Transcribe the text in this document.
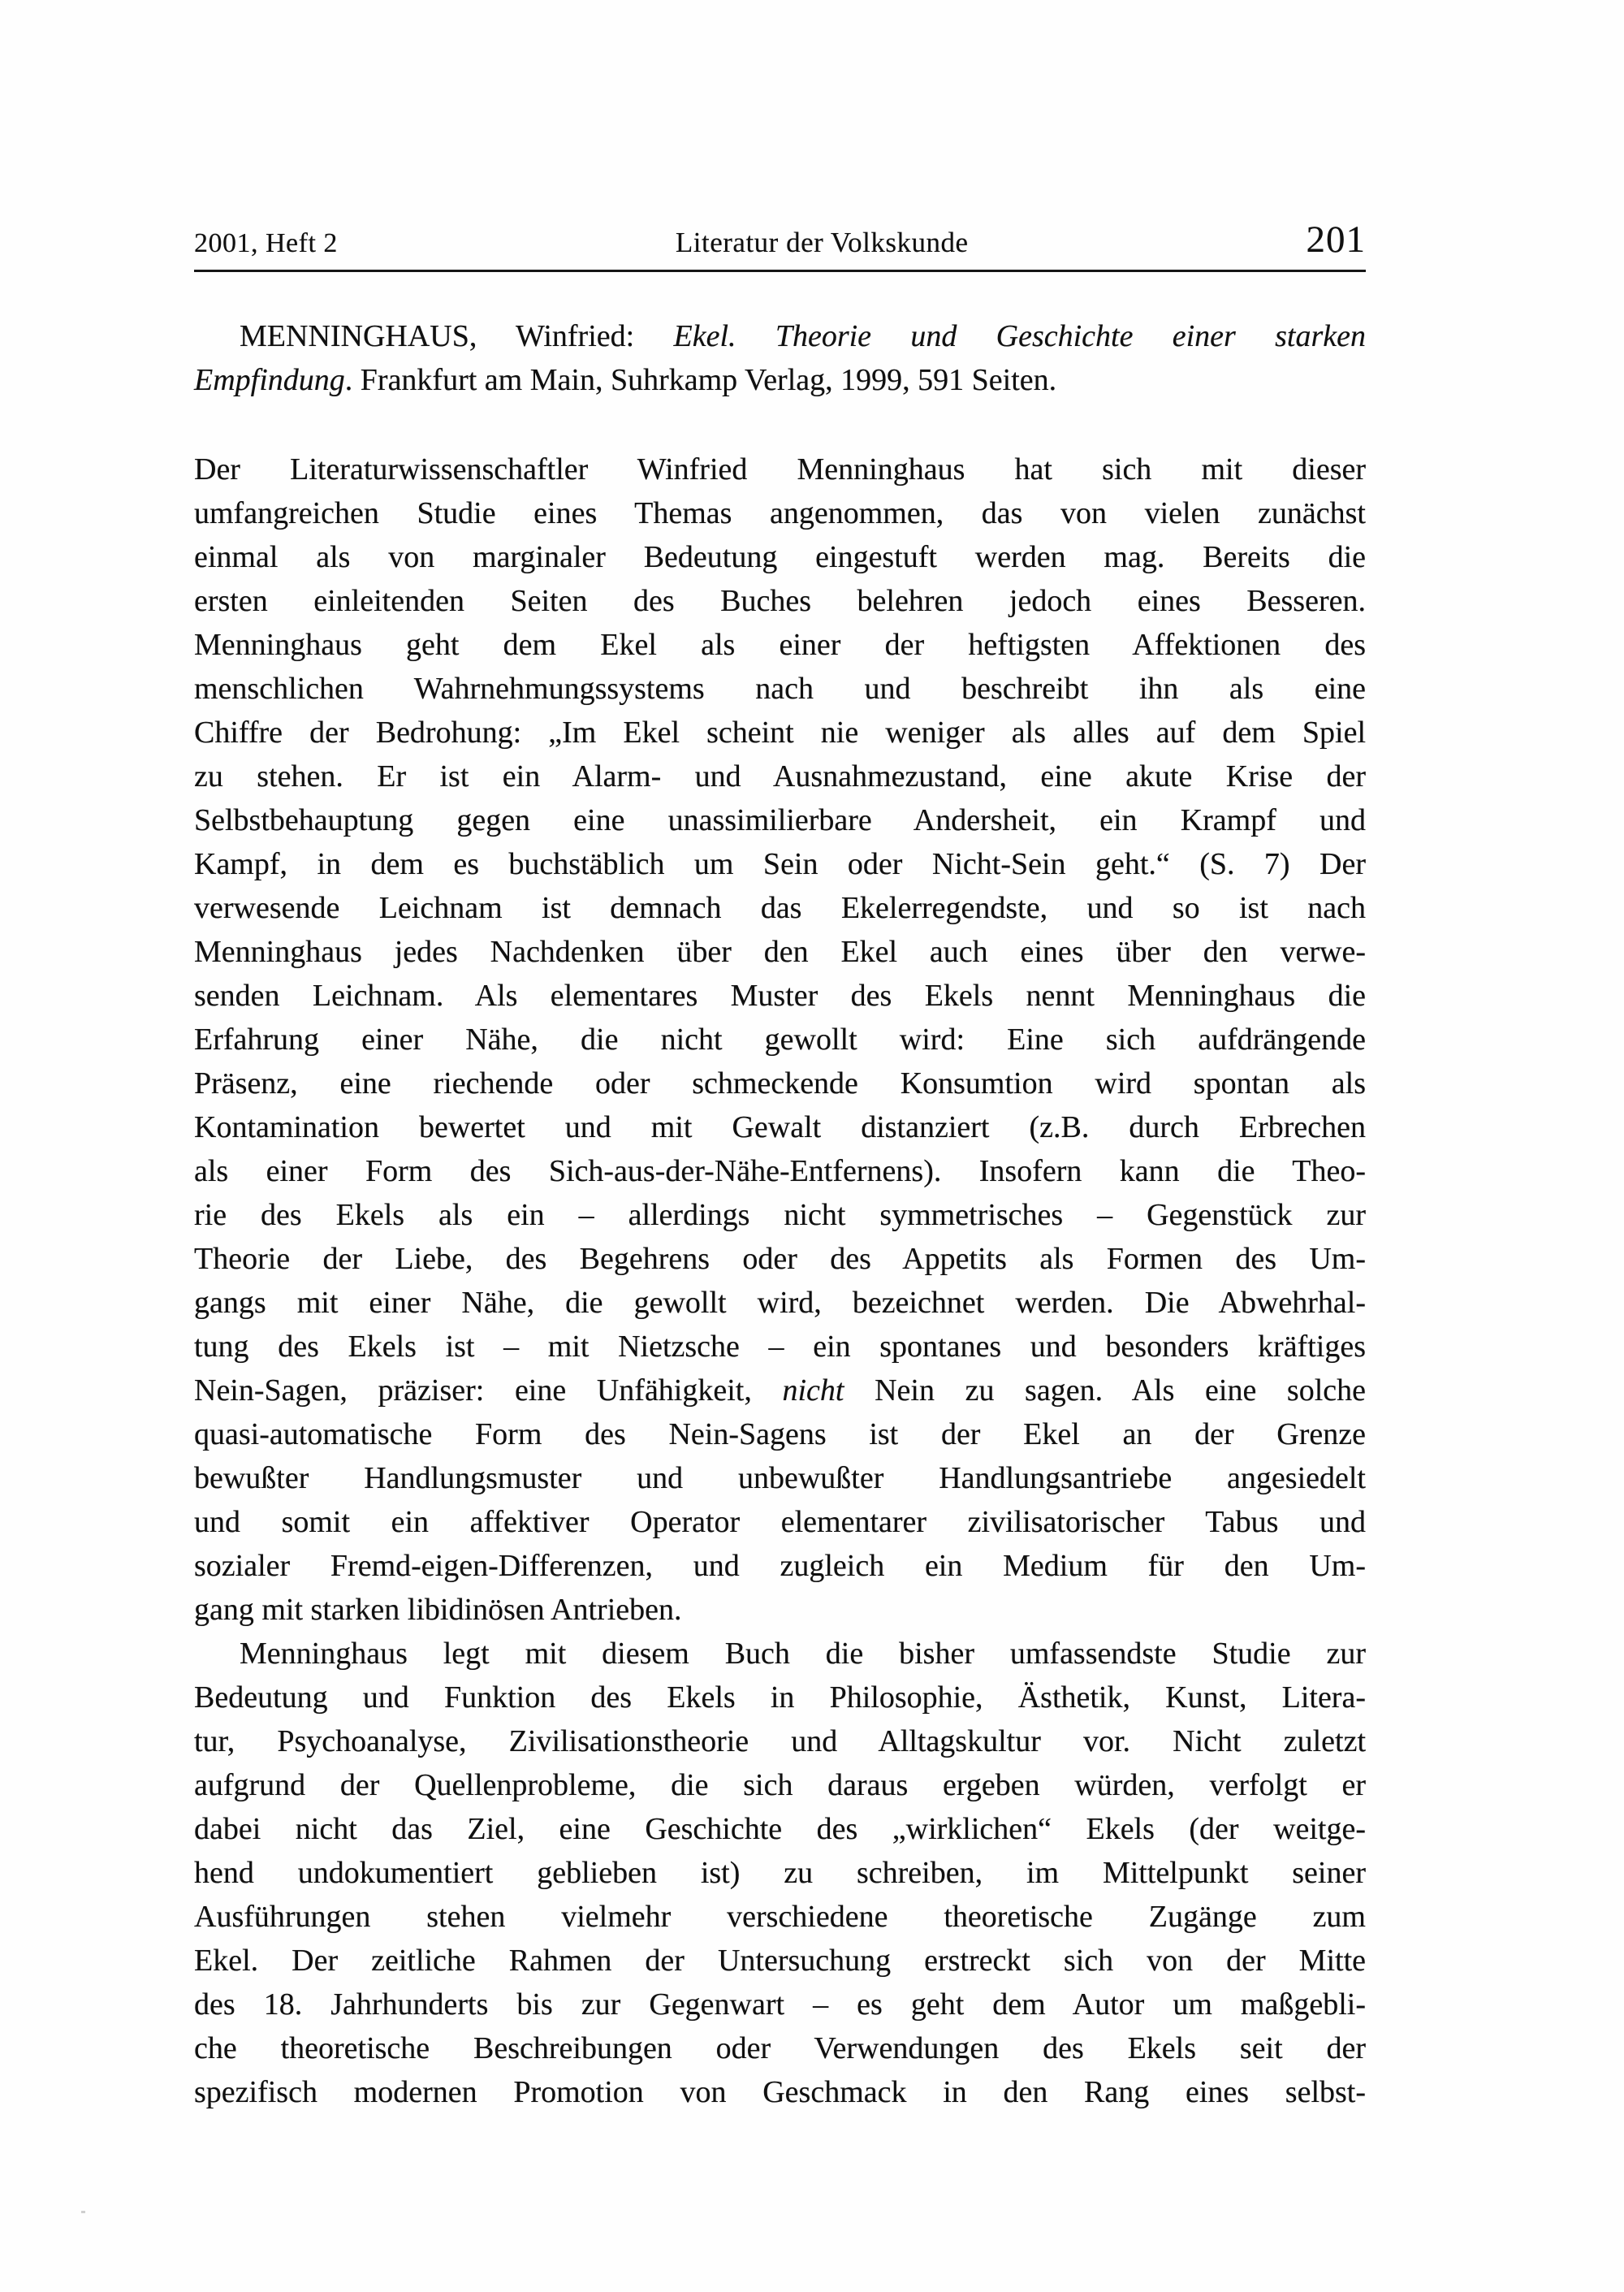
2001, Heft 2	Literatur der Volkskunde	201
MENNINGHAUS, Winfried: Ekel. Theorie und Geschichte einer starken
Empfindung. Frankfurt am Main, Suhrkamp Verlag, 1999, 591 Seiten.
Der Literaturwissenschaftler Winfried Menninghaus hat sich mit dieser
umfangreichen Studie eines Themas angenommen, das von vielen zunächst
einmal als von marginaler Bedeutung eingestuft werden mag. Bereits die
ersten einleitenden Seiten des Buches belehren jedoch eines Besseren.
Menninghaus geht dem Ekel als einer der heftigsten Affektionen des
menschlichen Wahrnehmungssystems nach und beschreibt ihn als eine
Chiffre der Bedrohung: „Im Ekel scheint nie weniger als alles auf dem Spiel
zu stehen. Er ist ein Alarm- und Ausnahmezustand, eine akute Krise der
Selbstbehauptung gegen eine unassimilierbare Andersheit, ein Krampf und
Kampf, in dem es buchstäblich um Sein oder Nicht-Sein geht.“ (S. 7) Der
verwesende Leichnam ist demnach das Ekelerregendste, und so ist nach
Menninghaus jedes Nachdenken über den Ekel auch eines über den verwe-
senden Leichnam. Als elementares Muster des Ekels nennt Menninghaus die
Erfahrung einer Nähe, die nicht gewollt wird: Eine sich aufdrängende
Präsenz, eine riechende oder schmeckende Konsumtion wird spontan als
Kontamination bewertet und mit Gewalt distanziert (z.B. durch Erbrechen
als einer Form des Sich-aus-der-Nähe-Entfernens). Insofern kann die Theo-
rie des Ekels als ein – allerdings nicht symmetrisches – Gegenstück zur
Theorie der Liebe, des Begehrens oder des Appetits als Formen des Um-
gangs mit einer Nähe, die gewollt wird, bezeichnet werden. Die Abwehrhal-
tung des Ekels ist – mit Nietzsche – ein spontanes und besonders kräftiges
Nein-Sagen, präziser: eine Unfähigkeit, nicht Nein zu sagen. Als eine solche
quasi-automatische Form des Nein-Sagens ist der Ekel an der Grenze
bewußter Handlungsmuster und unbewußter Handlungsantriebe angesiedelt
und somit ein affektiver Operator elementarer zivilisatorischer Tabus und
sozialer Fremd-eigen-Differenzen, und zugleich ein Medium für den Um-
gang mit starken libidinösen Antrieben.
Menninghaus legt mit diesem Buch die bisher umfassendste Studie zur
Bedeutung und Funktion des Ekels in Philosophie, Ästhetik, Kunst, Litera-
tur, Psychoanalyse, Zivilisationstheorie und Alltagskultur vor. Nicht zuletzt
aufgrund der Quellenprobleme, die sich daraus ergeben würden, verfolgt er
dabei nicht das Ziel, eine Geschichte des „wirklichen“ Ekels (der weitge-
hend undokumentiert geblieben ist) zu schreiben, im Mittelpunkt seiner
Ausführungen stehen vielmehr verschiedene theoretische Zugänge zum
Ekel. Der zeitliche Rahmen der Untersuchung erstreckt sich von der Mitte
des 18. Jahrhunderts bis zur Gegenwart – es geht dem Autor um maßgebli-
che theoretische Beschreibungen oder Verwendungen des Ekels seit der
spezifisch modernen Promotion von Geschmack in den Rang eines selbst-
